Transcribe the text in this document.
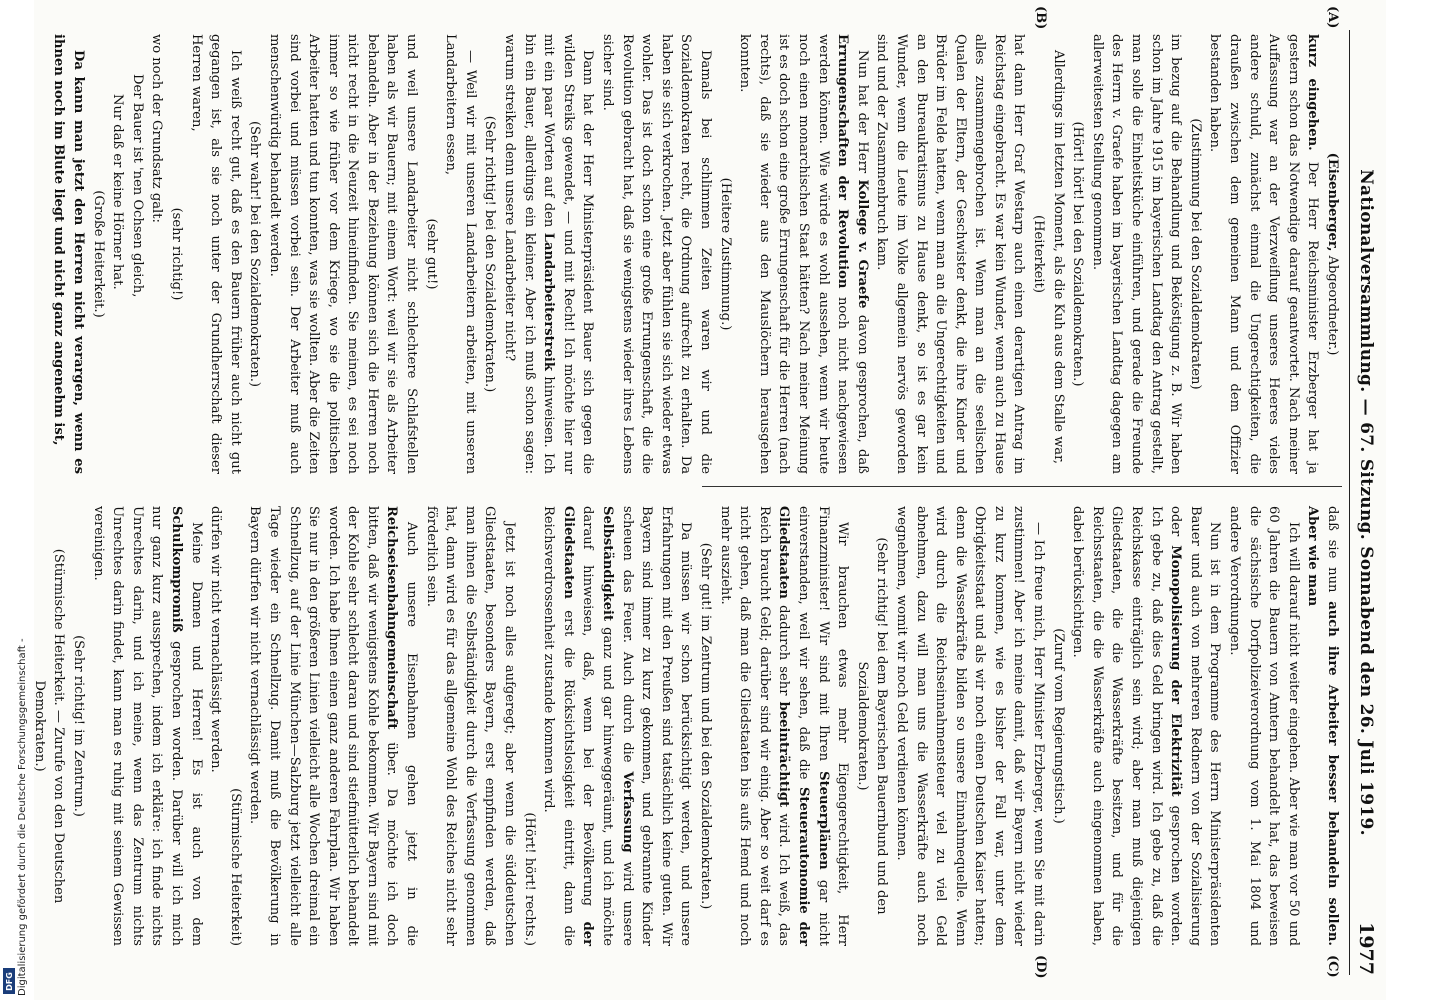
Nationalversammlung. — 67. Sitzung. Sonnabend den 26. Juli 1919.
1977
(A)
(B)
(C)
(D)

(Eisenberger, Abgeordneter.)

kurz eingehen. Der Herr Reichsminister Erzberger hat ja gestern schon das Notwendige darauf geantwortet. Nach meiner Auffassung war an der Verzweiflung unseres Heeres vieles andere schuld, zunächst einmal die Ungerechtigkeiten, die draußen zwischen dem gemeinen Mann und dem Offizier bestanden haben.

(Zustimmung bei den Sozialdemokraten)

im bezug auf die Behandlung und Beköstigung z. B. Wir haben schon im Jahre 1915 im bayerischen Landtag den Antrag gestellt, man solle die Einheitsküche einführen, und gerade die Freunde des Herrn v. Graefe haben im bayerischen Landtag dagegen am allerweitesten Stellung genommen.

(Hört! hört! bei den Sozialdemokraten.)

Allerdings im letzten Moment, als die Kuh aus dem Stalle war,

(Heiterkeit)

hat dann Herr Graf Westarp auch einen derartigen Antrag im Reichstag eingebracht. Es war kein Wunder, wenn auch zu Hause alles zusammengebrochen ist. Wenn man an die seelischen Qualen der Eltern, der Geschwister denkt, die ihre Kinder und Brüder im Felde hatten, wenn man an die Ungerechtigkeiten und an den Bureaukratismus zu Hause denkt, so ist es gar kein Wunder, wenn die Leute im Volke allgemein nervös geworden sind und der Zusammenbruch kam.

Nun hat der Herr Kollege v. Graefe davon gesprochen, daß Errungenschaften der Revolution noch nicht nachgewiesen werden können. Wie würde es wohl aussehen, wenn wir heute noch einen monarchischen Staat hätten? Nach meiner Meinung ist es doch schon eine große Errungenschaft für die Herren (nach rechts), daß sie wieder aus den Mauslöchern herausgehen konnten.

(Heitere Zustimmung.)

Damals bei schlimmen Zeiten waren wir und die Sozialdemokraten recht, die Ordnung aufrecht zu erhalten. Da haben sie sich verkrochen. Jetzt aber fühlen sie sich wieder etwas wohler. Das ist doch schon eine große Errungenschaft, die die Revolution gebracht hat, daß sie wenigstens wieder ihres Lebens sicher sind.

Dann hat der Herr Ministerpräsident Bauer sich gegen die wilden Streiks gewendet, — und mit Recht! Ich möchte hier nur mit ein paar Worten auf den Landarbeiterstreik hinweisen. Ich bin ein Bauer, allerdings ein kleiner. Aber ich muß schon sagen: warum streiken denn unsere Landarbeiter nicht?

(Sehr richtig! bei den Sozialdemokraten.)

— Weil wir mit unseren Landarbeitern arbeiten, mit unseren Landarbeitern essen,

(sehr gut!)

und weil unsere Landarbeiter nicht schlechtere Schlafstellen haben als wir Bauern; mit einem Wort: weil wir sie als Arbeiter behandeln. Aber in der Beziehung können sich die Herren noch nicht recht in die Neuzeit hineinfinden. Sie meinen, es sei noch immer so wie früher vor dem Kriege, wo sie die politischen Arbeiter hatten und tun konnten, was sie wollten. Aber die Zeiten sind vorbei und müssen vorbei sein. Der Arbeiter muß auch menschenwürdig behandelt werden.

(Sehr wahr! bei den Sozialdemokraten.)

Ich weiß recht gut, daß es den Bauern früher auch nicht gut gegangen ist, als sie noch unter der Grundherrschaft dieser Herren waren,

(sehr richtig!)

wo noch der Grundsatz galt:

Der Bauer ist 'nen Ochsen gleich,

Nur daß er keine Hörner hat.

(Große Heiterkeit.)

Da kann man jetzt den Herren nicht verargen, wenn es ihnen noch im Blute liegt und nicht ganz angenehm ist,

daß sie nun auch ihre Arbeiter besser behandeln sollen. Aber wie man

Ich will darauf nicht weiter eingehen. Aber wie man vor 50 und 60 Jahren die Bauern von Amtern behandelt hat, das beweisen die sächsische Dorfpolizeiverordnung vom 1. Mai 1804 und andere Verordnungen.

Nun ist in dem Programme des Herrn Ministerpräsidenten Bauer und auch von mehreren Rednern von der Sozialisierung oder Monopolisierung der Elektrizität gesprochen worden. Ich gebe zu, daß dies Geld bringen wird. Ich gebe zu, daß die Reichskasse einträglich sein wird; aber man muß diejenigen Gliedstaaten, die die Wasserkräfte besitzen, und für die Reichsstaaten, die die Wasserkräfte auch eingenommen haben, dabei berücksichtigen.

(Zuruf vom Regierungstisch.)

— Ich freue mich, Herr Minister Erzberger, wenn Sie mit darin zustimmen! Aber ich meine damit, daß wir Bayern nicht wieder zu kurz kommen, wie es bisher der Fall war, unter dem Obrigkeitsstaat und als wir noch einen Deutschen Kaiser hatten; denn die Wasserkräfte bilden so unsere Einnahmequelle. Wenn wird durch die Reichseinnahmensteuer viel zu viel Geld abnehmen, dazu will man uns die Wasserkräfte auch noch wegnehmen, womit wir noch Geld verdienen können.

(Sehr richtig! bei dem Bayerischen Bauernbund und den Sozialdemokraten.)

Wir brauchen etwas mehr Eigengerechtigkeit, Herr Finanzminister! Wir sind mit Ihren Steuerplänen gar nicht einverstanden, weil wir sehen, daß die Steuerautonomie der Gliedstaaten dadurch sehr beeinträchtigt wird. Ich weiß, das Reich braucht Geld; darüber sind wir einig. Aber so weit darf es nicht gehen, daß man die Gliedstaaten bis aufs Hemd und noch mehr auszieht.

(Sehr gut! im Zentrum und bei den Sozialdemokraten.)

Da müssen wir schon berücksichtigt werden, und unsere Erfahrungen mit den Preußen sind tatsächlich keine guten. Wir Bayern sind immer zu kurz gekommen, und gebrannte Kinder scheuen das Feuer. Auch durch die Verfassung wird unsere Selbständigkeit ganz und gar hinweggeräumt, und ich möchte darauf hinweisen, daß, wenn bei der Bevölkerung der Gliedstaaten erst die Rücksichtslosigkeit eintritt, dann die Reichsverdrossenheit zustande kommen wird.

(Hört! hört! rechts.)

Jetzt ist noch alles aufgeregt; aber wenn die süddeutschen Gliedstaaten, besonders Bayern, erst empfinden werden, daß man ihnen die Selbständigkeit durch die Verfassung genommen hat, dann wird es für das allgemeine Wohl des Reiches nicht sehr förderlich sein.

Auch unsere Eisenbahnen gehen jetzt in die Reichseisenbahngemeinschaft über. Da möchte ich doch bitten, daß wir wenigstens Kohle bekommen. Wir Bayern sind mit der Kohle sehr schlecht daran und sind stiefmütterlich behandelt worden. Ich habe Ihnen einen ganz anderen Fahrplan. Wir haben Sie nur in den größeren Linien vielleicht alle Wochen dreimal ein Schnellzug, auf der Linie München—Salzburg jetzt vielleicht alle Tage wieder ein Schnellzug. Damit muß die Bevölkerung in Bayern dürfen wir nicht vernachlässigt werden.

(Stürmische Heiterkeit)

dürfen wir nicht vernachlässigt werden.

Meine Damen und Herren! Es ist auch von dem Schulkompromiß gesprochen worden. Darüber will ich mich nur ganz kurz aussprechen, indem ich erkläre: ich finde nichts Unrechtes darin, und ich meine, wenn das Zentrum nichts Unrechtes darin findet, kann man es ruhig mit seinem Gewissen vereinigen.

(Sehr richtig! im Zentrum.)

(Stürmische Heiterkeit. — Zurufe von den Deutschen Demokraten.)

Digitalisierung gefördert durch die Deutsche Forschungsgemeinschaft -
DFG
